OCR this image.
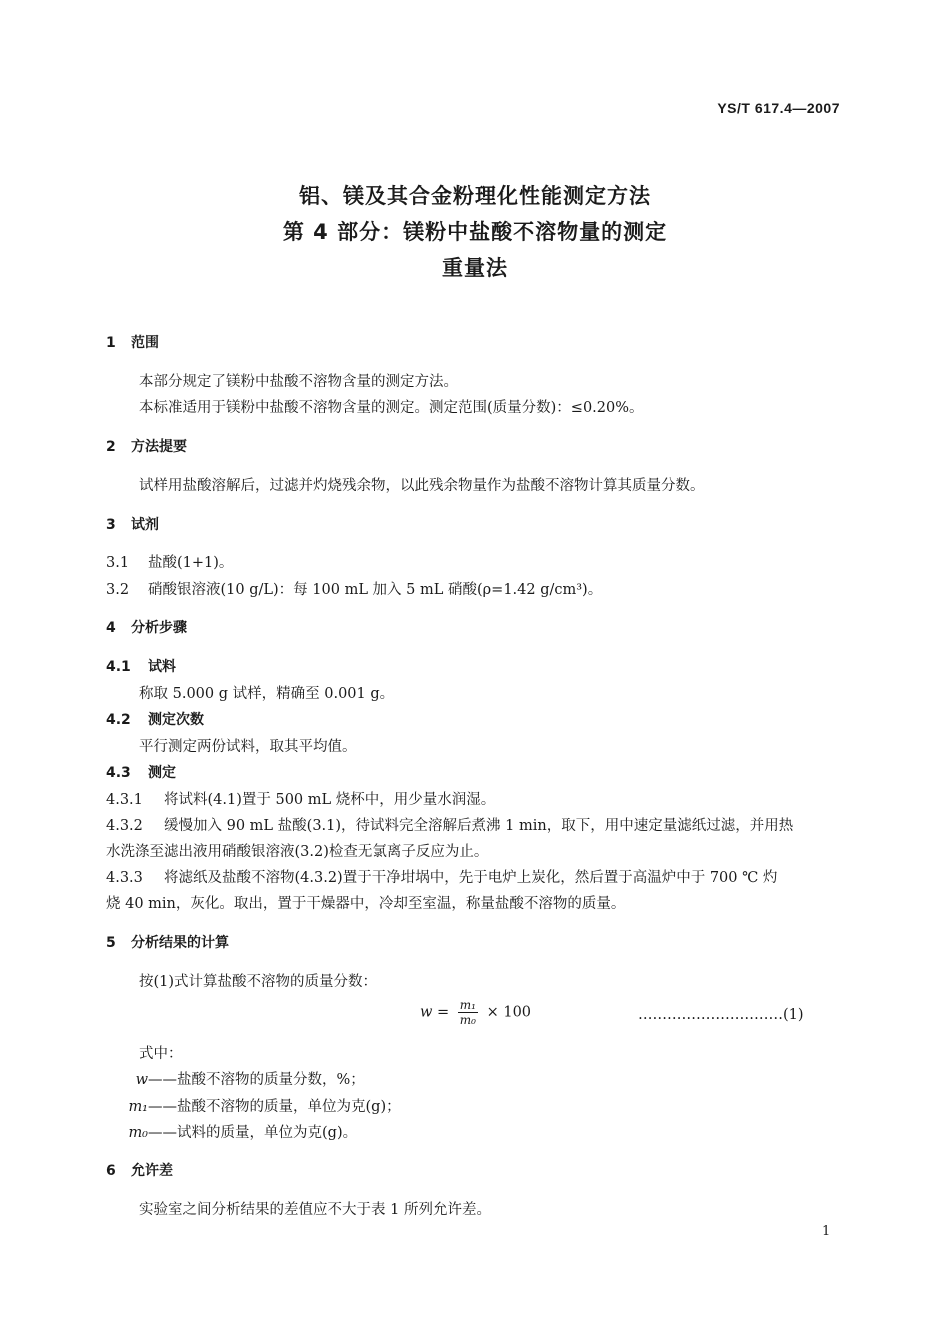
YS/T 617.4—2007
铝、镁及其合金粉理化性能测定方法
第 4 部分：镁粉中盐酸不溶物量的测定
重量法
1 范围
本部分规定了镁粉中盐酸不溶物含量的测定方法。
本标准适用于镁粉中盐酸不溶物含量的测定。测定范围(质量分数)：≤0.20%。
2 方法提要
试样用盐酸溶解后，过滤并灼烧残余物，以此残余物量作为盐酸不溶物计算其质量分数。
3 试剂
3.1 盐酸(1+1)。
3.2 硝酸银溶液(10 g/L)：每 100 mL 加入 5 mL 硝酸(ρ=1.42 g/cm³)。
4 分析步骤
4.1 试料
称取 5.000 g 试样，精确至 0.001 g。
4.2 测定次数
平行测定两份试料，取其平均值。
4.3 测定
4.3.1 将试料(4.1)置于 500 mL 烧杯中，用少量水润湿。
4.3.2 缓慢加入 90 mL 盐酸(3.1)，待试料完全溶解后煮沸 1 min，取下，用中速定量滤纸过滤，并用热
水洗涤至滤出液用硝酸银溶液(3.2)检查无氯离子反应为止。
4.3.3 将滤纸及盐酸不溶物(4.3.2)置于干净坩埚中，先于电炉上炭化，然后置于高温炉中于 700 ℃ 灼
烧 40 min，灰化。取出，置于干燥器中，冷却至室温，称量盐酸不溶物的质量。
5 分析结果的计算
按(1)式计算盐酸不溶物的质量分数：
$w = \frac{\text{m₁}}{\text{m₀}} \times 100$	…………………………(1)
式中：
w——盐酸不溶物的质量分数，%；
m₁——盐酸不溶物的质量，单位为克(g)；
m₀——试料的质量，单位为克(g)。
6 允许差
实验室之间分析结果的差值应不大于表 1 所列允许差。
1
